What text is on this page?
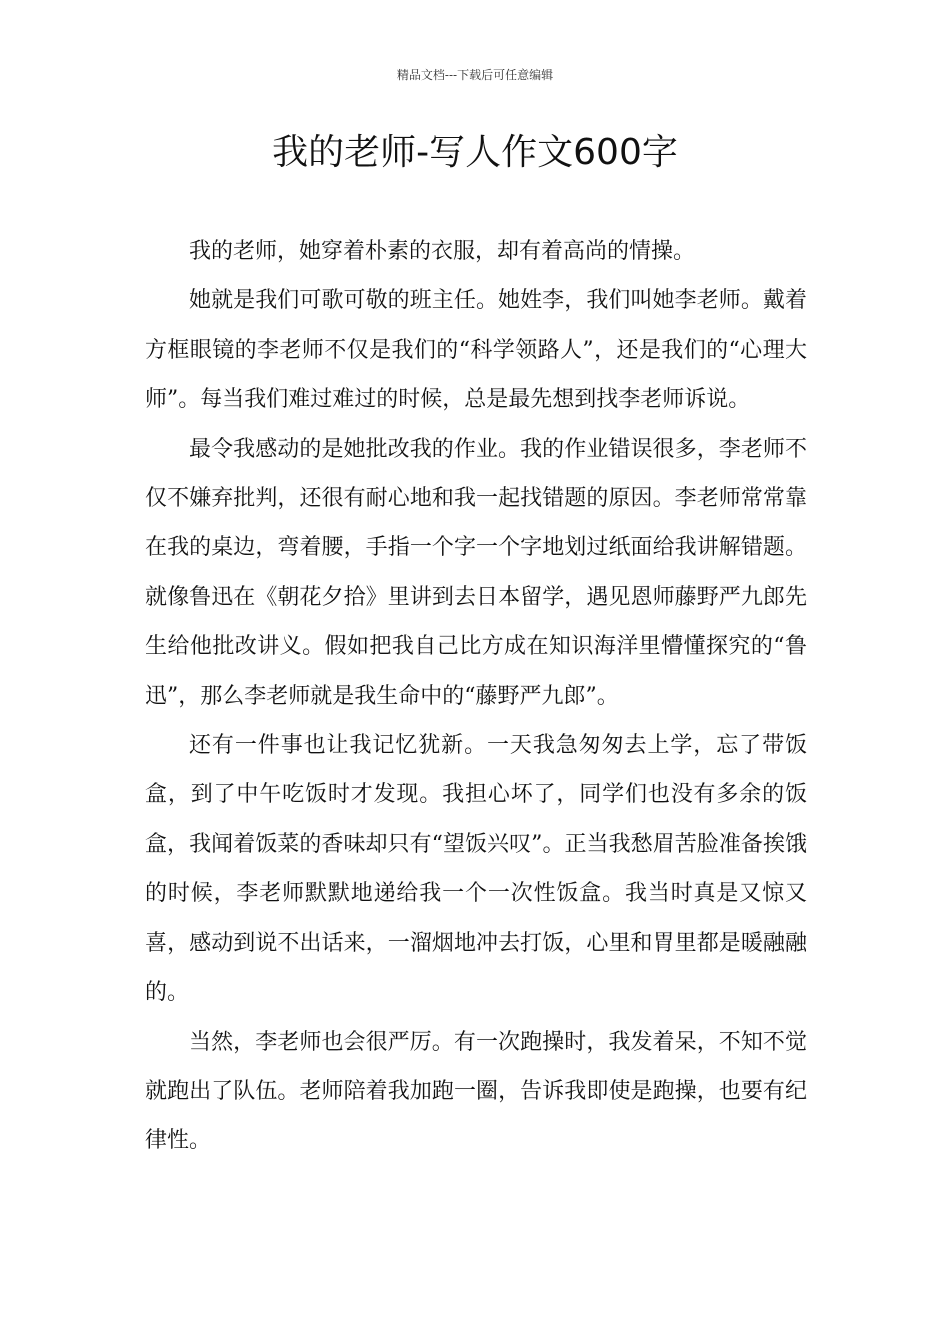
精品文档---下载后可任意编辑
我的老师-写人作文600字

我的老师，她穿着朴素的衣服，却有着高尚的情操。

她就是我们可歌可敬的班主任。她姓李，我们叫她李老师。戴着方框眼镜的李老师不仅是我们的“科学领路人”，还是我们的“心理大师”。每当我们难过难过的时候，总是最先想到找李老师诉说。

最令我感动的是她批改我的作业。我的作业错误很多，李老师不仅不嫌弃批判，还很有耐心地和我一起找错题的原因。李老师常常靠在我的桌边，弯着腰，手指一个字一个字地划过纸面给我讲解错题。就像鲁迅在《朝花夕拾》里讲到去日本留学，遇见恩师藤野严九郎先生给他批改讲义。假如把我自己比方成在知识海洋里懵懂探究的“鲁迅”，那么李老师就是我生命中的“藤野严九郎”。

还有一件事也让我记忆犹新。一天我急匆匆去上学，忘了带饭盒，到了中午吃饭时才发现。我担心坏了，同学们也没有多余的饭盒，我闻着饭菜的香味却只有“望饭兴叹”。正当我愁眉苦脸准备挨饿的时候，李老师默默地递给我一个一次性饭盒。我当时真是又惊又喜，感动到说不出话来，一溜烟地冲去打饭，心里和胃里都是暖融融的。

当然，李老师也会很严厉。有一次跑操时，我发着呆，不知不觉就跑出了队伍。老师陪着我加跑一圈，告诉我即使是跑操，也要有纪律性。
